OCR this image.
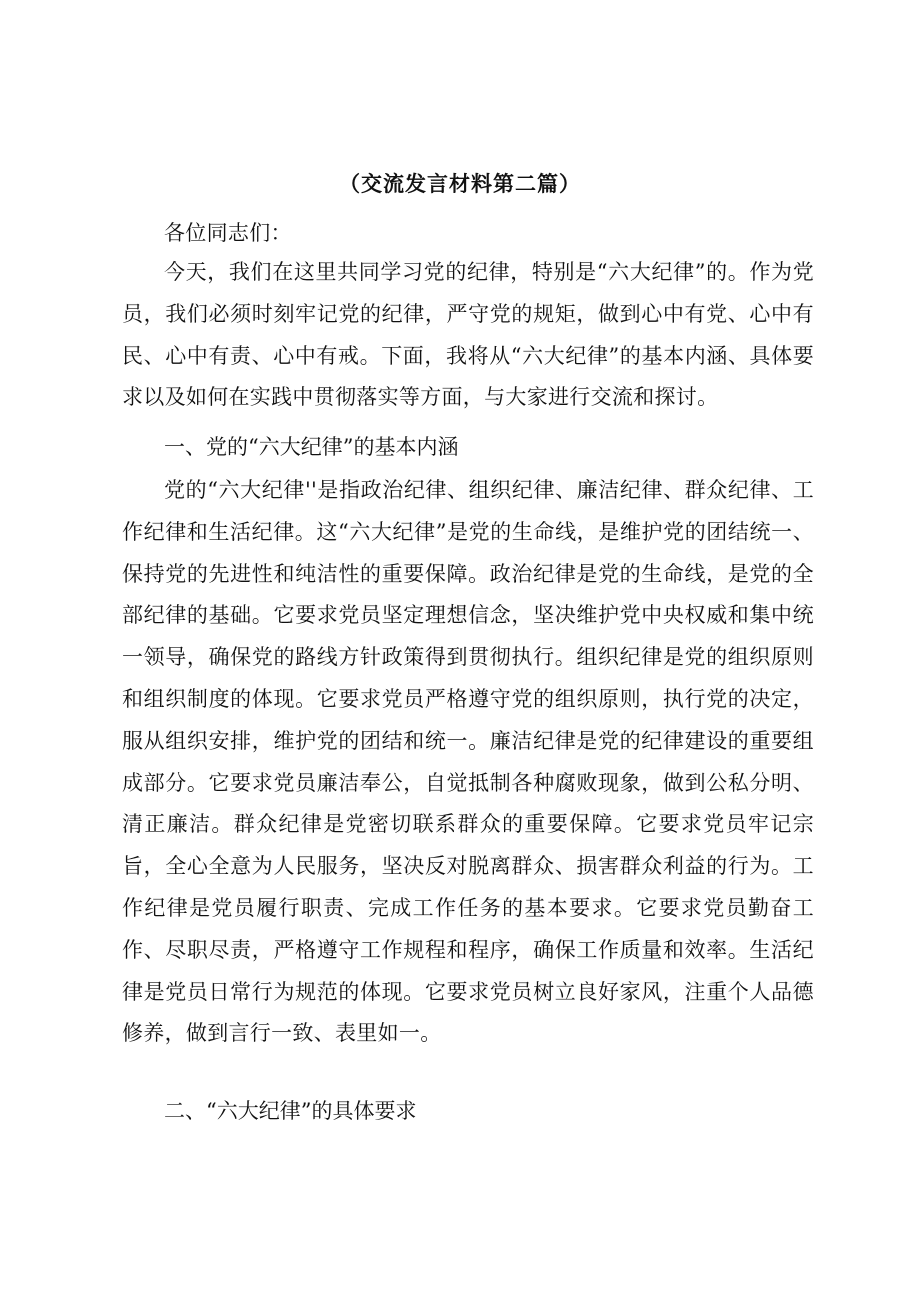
（交流发言材料第二篇）

各位同志们：

今天，我们在这里共同学习党的纪律，特别是“六大纪律”的。作为党员，我们必须时刻牢记党的纪律，严守党的规矩，做到心中有党、心中有民、心中有责、心中有戒。下面，我将从“六大纪律”的基本内涵、具体要求以及如何在实践中贯彻落实等方面，与大家进行交流和探讨。

一、党的“六大纪律”的基本内涵

党的“六大纪律''是指政治纪律、组织纪律、廉洁纪律、群众纪律、工作纪律和生活纪律。这“六大纪律”是党的生命线，是维护党的团结统一、保持党的先进性和纯洁性的重要保障。政治纪律是党的生命线，是党的全部纪律的基础。它要求党员坚定理想信念，坚决维护党中央权威和集中统一领导，确保党的路线方针政策得到贯彻执行。组织纪律是党的组织原则和组织制度的体现。它要求党员严格遵守党的组织原则，执行党的决定，服从组织安排，维护党的团结和统一。廉洁纪律是党的纪律建设的重要组成部分。它要求党员廉洁奉公，自觉抵制各种腐败现象，做到公私分明、清正廉洁。群众纪律是党密切联系群众的重要保障。它要求党员牢记宗旨，全心全意为人民服务，坚决反对脱离群众、损害群众利益的行为。工作纪律是党员履行职责、完成工作任务的基本要求。它要求党员勤奋工作、尽职尽责，严格遵守工作规程和程序，确保工作质量和效率。生活纪律是党员日常行为规范的体现。它要求党员树立良好家风，注重个人品德修养，做到言行一致、表里如一。

二、“六大纪律”的具体要求
